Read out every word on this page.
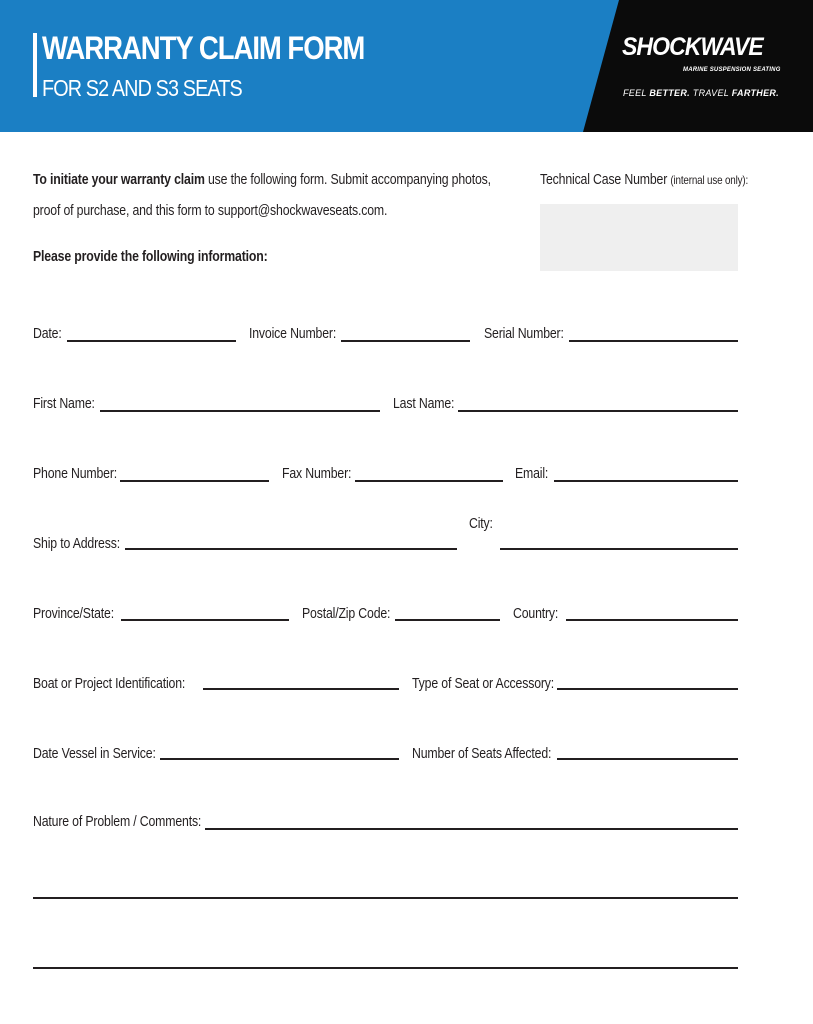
WARRANTY CLAIM FORM
FOR S2 AND S3 SEATS
SHOCKWAVE
MARINE SUSPENSION SEATING
FEEL BETTER. TRAVEL FARTHER.
To initiate your warranty claim use the following form. Submit accompanying photos,
proof of purchase, and this form to support@shockwaveseats.com.
Please provide the following information:
Technical Case Number (internal use only):
Date:	Invoice Number:	Serial Number:
First Name:	Last Name:
Phone Number:	Fax Number:	Email:
Ship to Address:
City:
Province/State:	Postal/Zip Code:	Country:
Boat or Project Identification:	Type of Seat or Accessory:
Date Vessel in Service:	Number of Seats Affected:
Nature of Problem / Comments:
